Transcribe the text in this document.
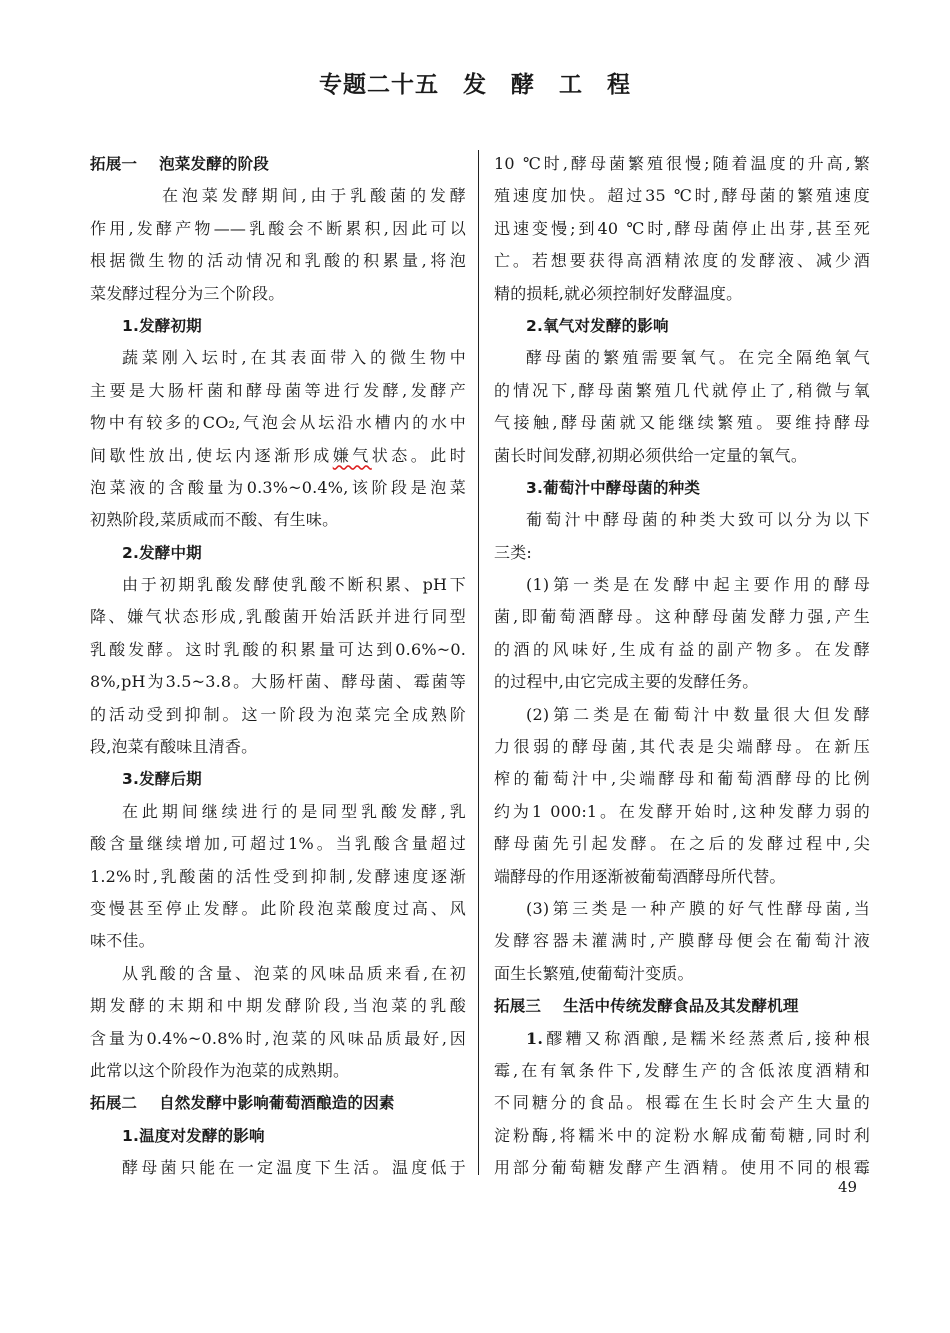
专题二十五　发　酵　工　程
拓展一 泡菜发酵的阶段
在泡菜发酵期间,由于乳酸菌的发酵
作用,发酵产物——乳酸会不断累积,因此可以
根据微生物的活动情况和乳酸的积累量,将泡
菜发酵过程分为三个阶段。
1.发酵初期
蔬菜刚入坛时,在其表面带入的微生物中
主要是大肠杆菌和酵母菌等进行发酵,发酵产
物中有较多的CO₂,气泡会从坛沿水槽内的水中
间歇性放出,使坛内逐渐形成嫌气状态。此时
泡菜液的含酸量为0.3%~0.4%,该阶段是泡菜
初熟阶段,菜质咸而不酸、有生味。
2.发酵中期
由于初期乳酸发酵使乳酸不断积累、pH下
降、嫌气状态形成,乳酸菌开始活跃并进行同型
乳酸发酵。这时乳酸的积累量可达到0.6%~0.
8%,pH为3.5~3.8。大肠杆菌、酵母菌、霉菌等
的活动受到抑制。这一阶段为泡菜完全成熟阶
段,泡菜有酸味且清香。
3.发酵后期
在此期间继续进行的是同型乳酸发酵,乳
酸含量继续增加,可超过1%。当乳酸含量超过
1.2%时,乳酸菌的活性受到抑制,发酵速度逐渐
变慢甚至停止发酵。此阶段泡菜酸度过高、风
味不佳。
从乳酸的含量、泡菜的风味品质来看,在初
期发酵的末期和中期发酵阶段,当泡菜的乳酸
含量为0.4%~0.8%时,泡菜的风味品质最好,因
此常以这个阶段作为泡菜的成熟期。
拓展二 自然发酵中影响葡萄酒酿造的因素
1.温度对发酵的影响
酵母菌只能在一定温度下生活。温度低于
10 ℃时,酵母菌繁殖很慢;随着温度的升高,繁
殖速度加快。超过35 ℃时,酵母菌的繁殖速度
迅速变慢;到40 ℃时,酵母菌停止出芽,甚至死
亡。若想要获得高酒精浓度的发酵液、减少酒
精的损耗,就必须控制好发酵温度。
2.氧气对发酵的影响
酵母菌的繁殖需要氧气。在完全隔绝氧气
的情况下,酵母菌繁殖几代就停止了,稍微与氧
气接触,酵母菌就又能继续繁殖。要维持酵母
菌长时间发酵,初期必须供给一定量的氧气。
3.葡萄汁中酵母菌的种类
葡萄汁中酵母菌的种类大致可以分为以下
三类:
(1)第一类是在发酵中起主要作用的酵母
菌,即葡萄酒酵母。这种酵母菌发酵力强,产生
的酒的风味好,生成有益的副产物多。在发酵
的过程中,由它完成主要的发酵任务。
(2)第二类是在葡萄汁中数量很大但发酵
力很弱的酵母菌,其代表是尖端酵母。在新压
榨的葡萄汁中,尖端酵母和葡萄酒酵母的比例
约为1 000:1。在发酵开始时,这种发酵力弱的
酵母菌先引起发酵。在之后的发酵过程中,尖
端酵母的作用逐渐被葡萄酒酵母所代替。
(3)第三类是一种产膜的好气性酵母菌,当
发酵容器未灌满时,产膜酵母便会在葡萄汁液
面生长繁殖,使葡萄汁变质。
拓展三 生活中传统发酵食品及其发酵机理
1.醪糟又称酒酿,是糯米经蒸煮后,接种根
霉,在有氧条件下,发酵生产的含低浓度酒精和
不同糖分的食品。根霉在生长时会产生大量的
淀粉酶,将糯米中的淀粉水解成葡萄糖,同时利
用部分葡萄糖发酵产生酒精。使用不同的根霉
49
